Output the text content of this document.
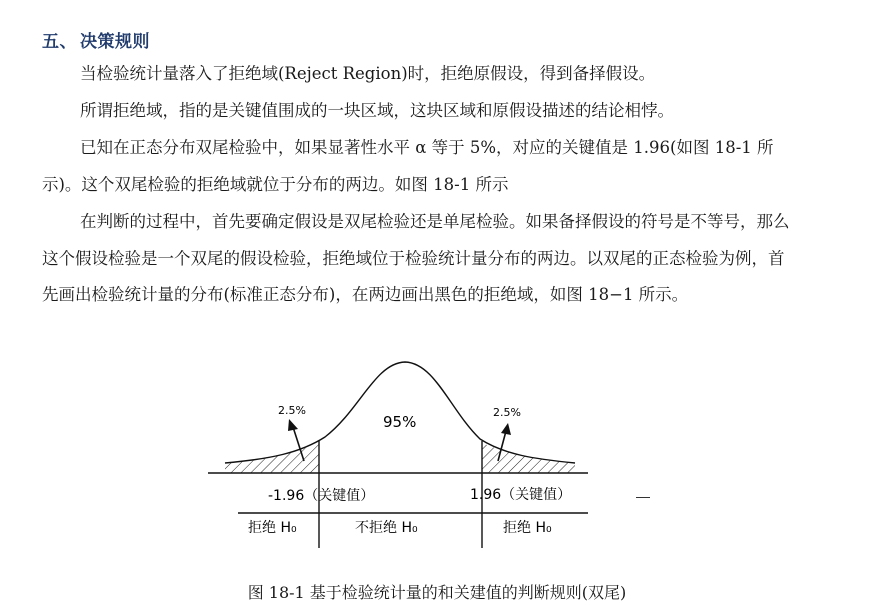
五、 决策规则

当检验统计量落入了拒绝域(Reject Region)时，拒绝原假设，得到备择假设。

所谓拒绝域，指的是关键值围成的一块区域，这块区域和原假设描述的结论相悖。

已知在正态分布双尾检验中，如果显著性水平 α 等于 5%，对应的关键值是 1.96(如图 18-1 所示)。这个双尾检验的拒绝域就位于分布的两边。如图 18-1 所示

在判断的过程中，首先要确定假设是双尾检验还是单尾检验。如果备择假设的符号是不等号，那么这个假设检验是一个双尾的假设检验，拒绝域位于检验统计量分布的两边。以双尾的正态检验为例，首先画出检验统计量的分布(标准正态分布)，在两边画出黑色的拒绝域，如图 18−1 所示。

2.5%
95%
2.5%
-1.96（关键值）	1.96（关键值）
拒绝 H₀	不拒绝 H₀	拒绝 H₀
图 18-1 基于检验统计量的和关建值的判断规则(双尾)
